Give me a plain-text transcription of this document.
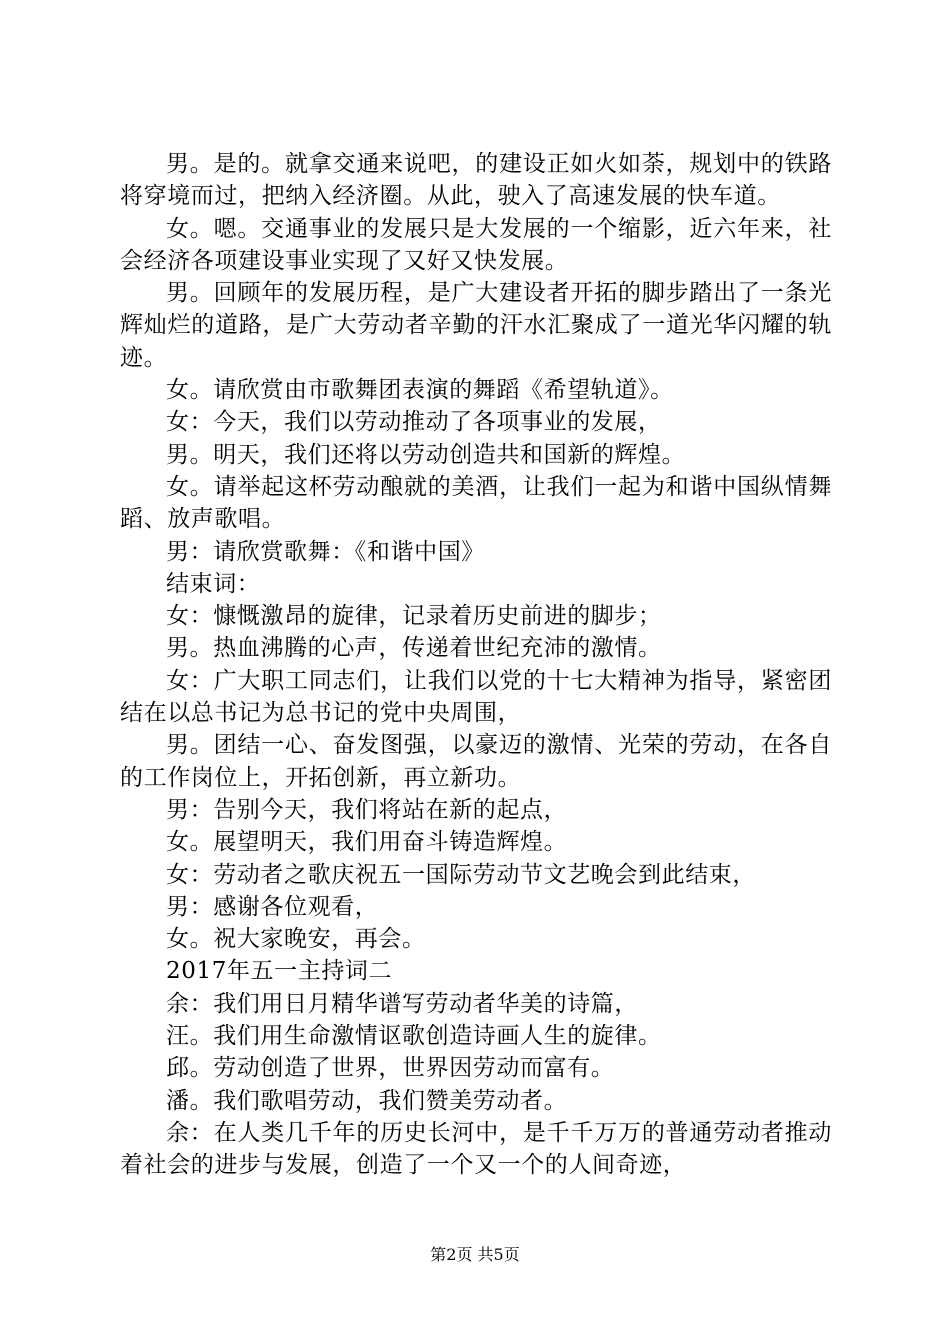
男。是的。就拿交通来说吧，的建设正如火如荼，规划中的铁路将穿境而过，把纳入经济圈。从此，驶入了高速发展的快车道。

女。嗯。交通事业的发展只是大发展的一个缩影，近六年来，社会经济各项建设事业实现了又好又快发展。

男。回顾年的发展历程，是广大建设者开拓的脚步踏出了一条光辉灿烂的道路，是广大劳动者辛勤的汗水汇聚成了一道光华闪耀的轨迹。

女。请欣赏由市歌舞团表演的舞蹈《希望轨道》。

女：今天，我们以劳动推动了各项事业的发展，

男。明天，我们还将以劳动创造共和国新的辉煌。

女。请举起这杯劳动酿就的美酒，让我们一起为和谐中国纵情舞蹈、放声歌唱。

男：请欣赏歌舞：《和谐中国》

结束词：

女：慷慨激昂的旋律，记录着历史前进的脚步；

男。热血沸腾的心声，传递着世纪充沛的激情。

女：广大职工同志们，让我们以党的十七大精神为指导，紧密团结在以总书记为总书记的党中央周围，

男。团结一心、奋发图强，以豪迈的激情、光荣的劳动，在各自的工作岗位上，开拓创新，再立新功。

男：告别今天，我们将站在新的起点，

女。展望明天，我们用奋斗铸造辉煌。

女：劳动者之歌庆祝五一国际劳动节文艺晚会到此结束，

男：感谢各位观看，

女。祝大家晚安，再会。

2017年五一主持词二

余：我们用日月精华谱写劳动者华美的诗篇，

汪。我们用生命激情讴歌创造诗画人生的旋律。

邱。劳动创造了世界，世界因劳动而富有。

潘。我们歌唱劳动，我们赞美劳动者。

余：在人类几千年的历史长河中，是千千万万的普通劳动者推动着社会的进步与发展，创造了一个又一个的人间奇迹，

第2页 共5页
